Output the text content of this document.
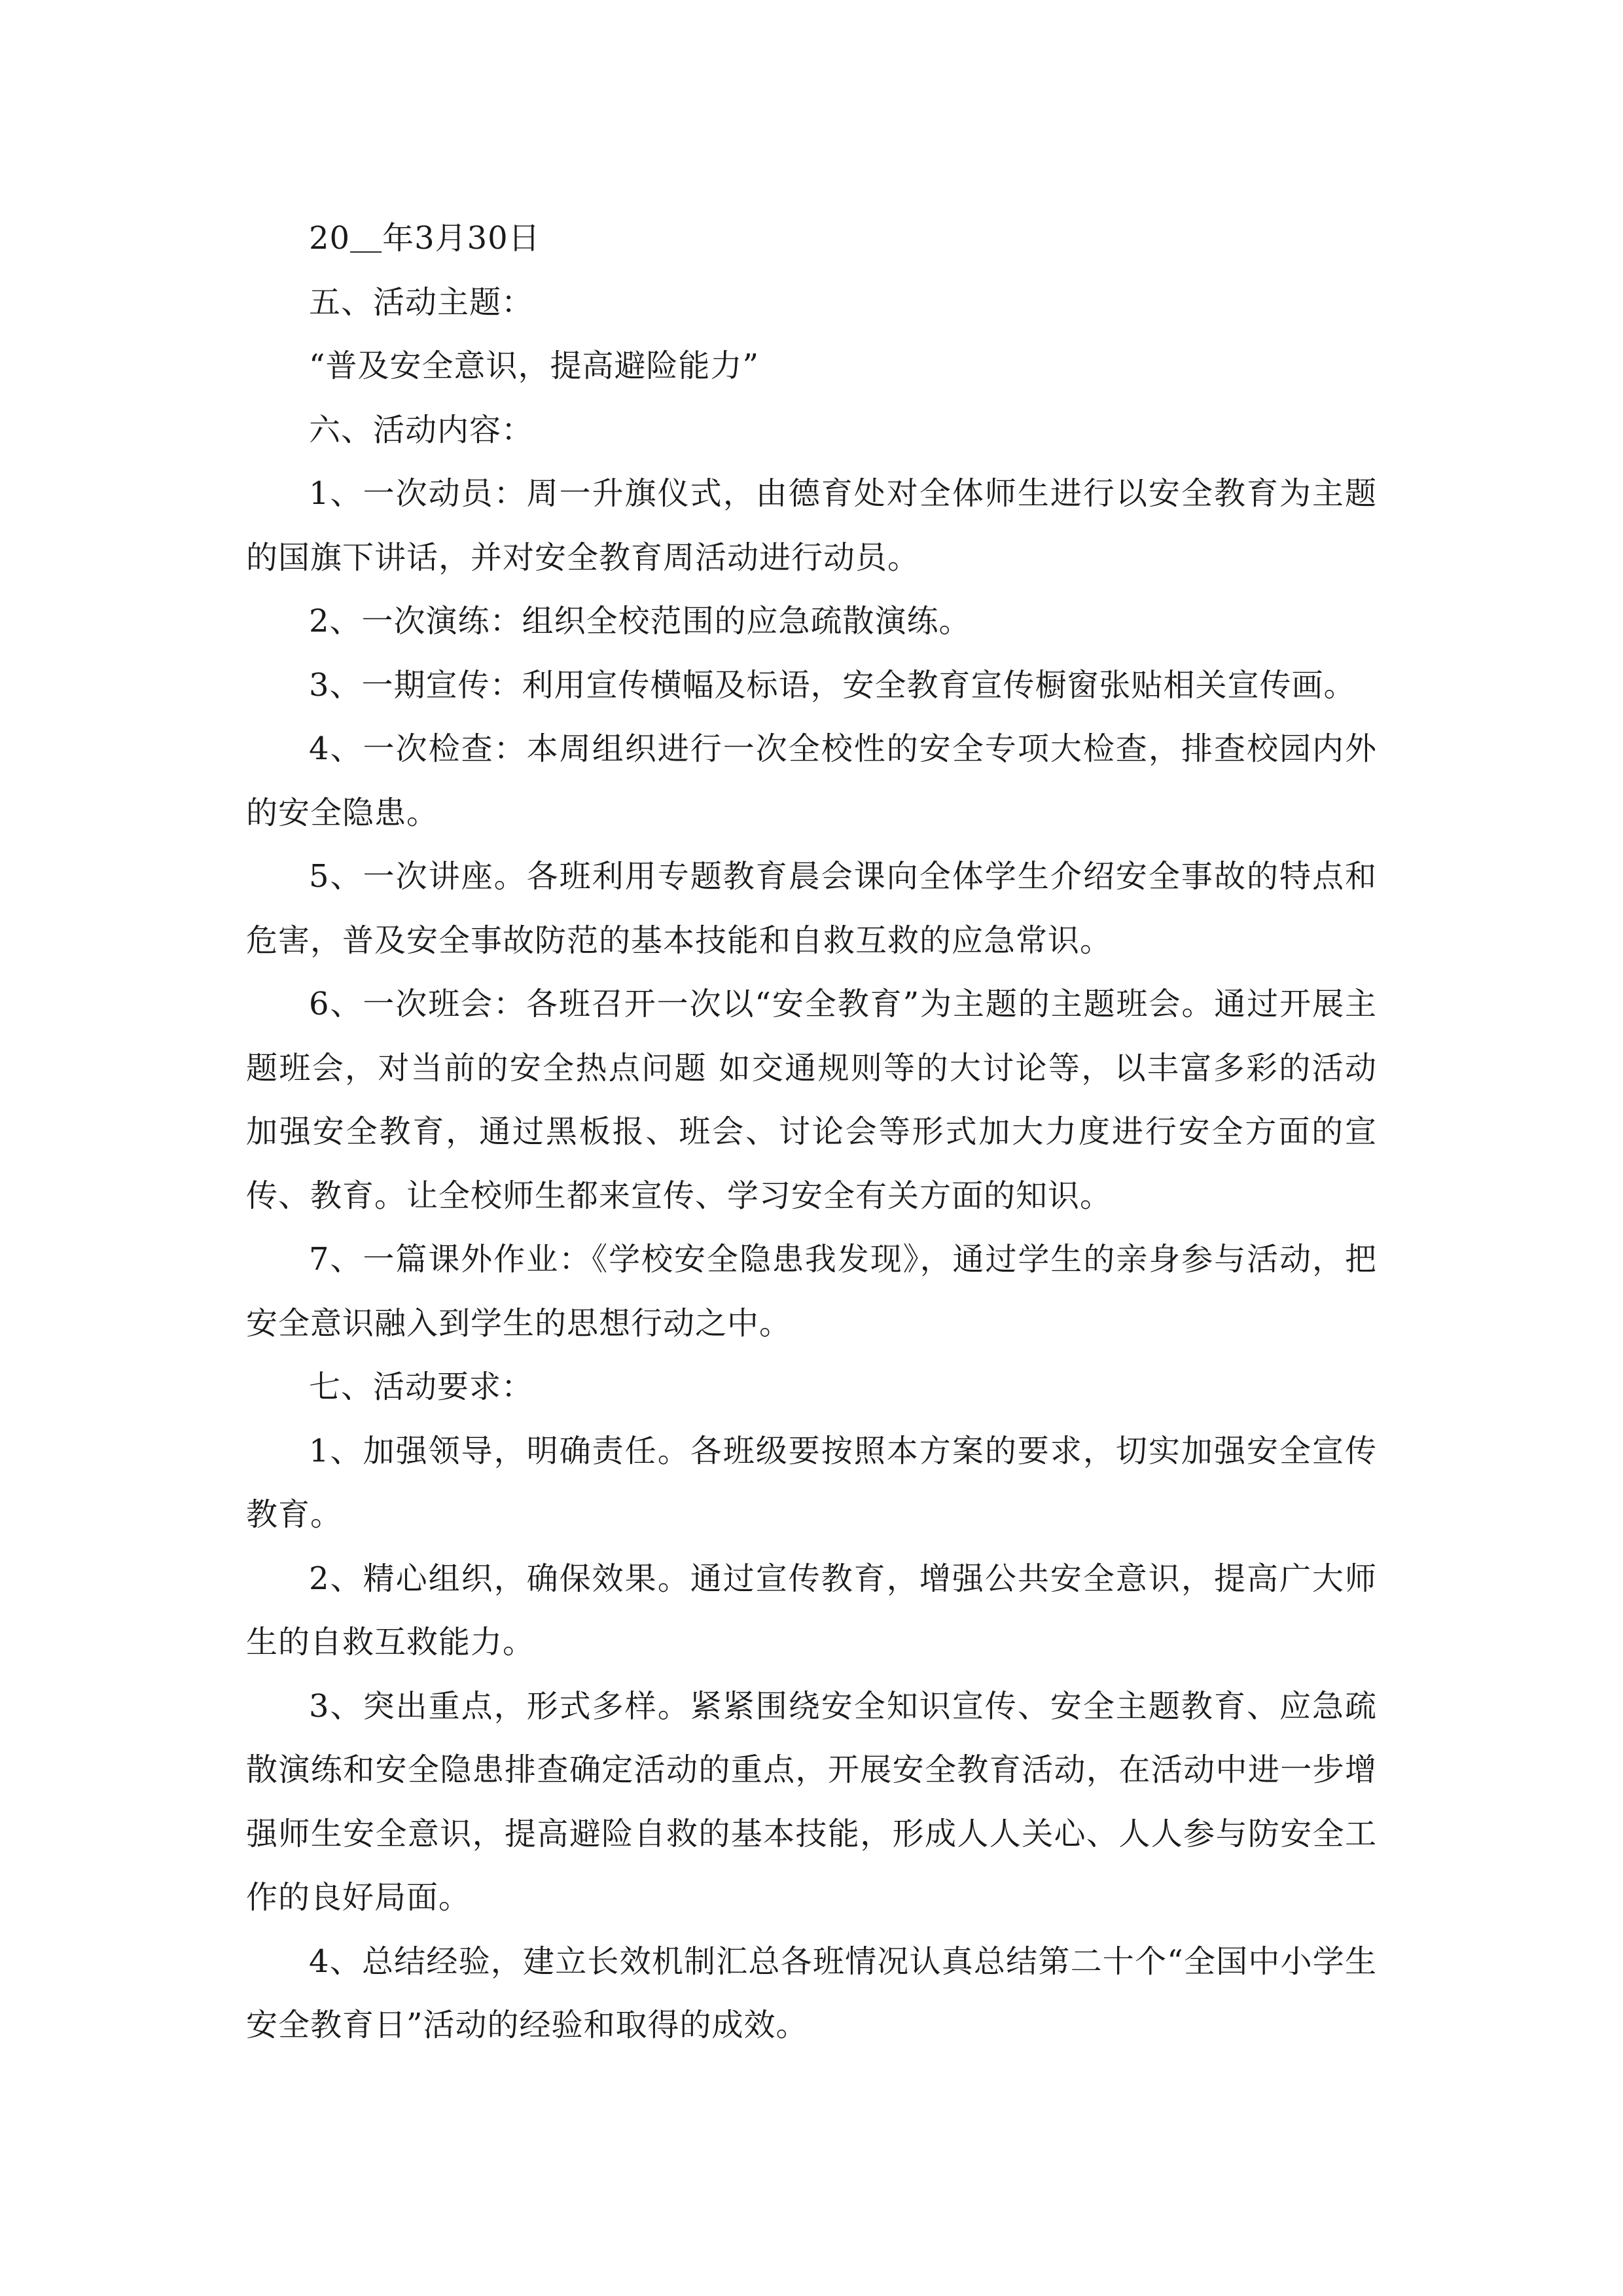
20＿年3月30日

五、活动主题：

“普及安全意识，提高避险能力”

六、活动内容：

1、一次动员：周一升旗仪式，由德育处对全体师生进行以安全教育为主题的国旗下讲话，并对安全教育周活动进行动员。

2、一次演练：组织全校范围的应急疏散演练。

3、一期宣传：利用宣传横幅及标语，安全教育宣传橱窗张贴相关宣传画。

4、一次检查：本周组织进行一次全校性的安全专项大检查，排查校园内外的安全隐患。

5、一次讲座。各班利用专题教育晨会课向全体学生介绍安全事故的特点和危害，普及安全事故防范的基本技能和自救互救的应急常识。

6、一次班会：各班召开一次以“安全教育”为主题的主题班会。通过开展主题班会，对当前的安全热点问题 如交通规则等的大讨论等，以丰富多彩的活动加强安全教育，通过黑板报、班会、讨论会等形式加大力度进行安全方面的宣传、教育。让全校师生都来宣传、学习安全有关方面的知识。

7、一篇课外作业：《学校安全隐患我发现》，通过学生的亲身参与活动，把安全意识融入到学生的思想行动之中。

七、活动要求：

1、加强领导，明确责任。各班级要按照本方案的要求，切实加强安全宣传教育。

2、精心组织，确保效果。通过宣传教育，增强公共安全意识，提高广大师生的自救互救能力。

3、突出重点，形式多样。紧紧围绕安全知识宣传、安全主题教育、应急疏散演练和安全隐患排查确定活动的重点，开展安全教育活动，在活动中进一步增强师生安全意识，提高避险自救的基本技能，形成人人关心、人人参与防安全工作的良好局面。

4、总结经验，建立长效机制汇总各班情况认真总结第二十个“全国中小学生安全教育日”活动的经验和取得的成效。
